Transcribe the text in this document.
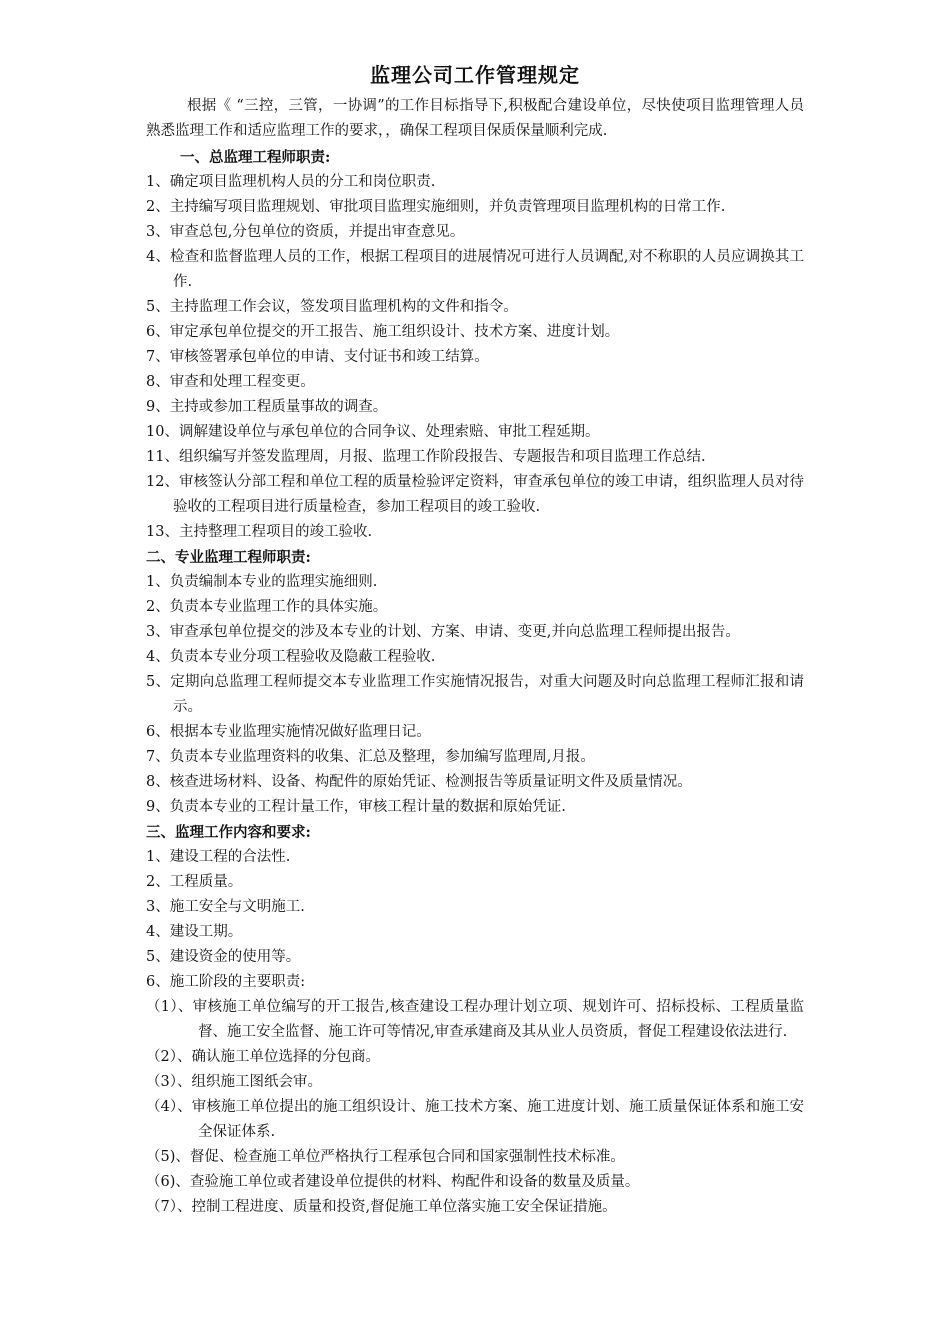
监理公司工作管理规定

根据《 “三控，三管，一协调”的工作目标指导下,积极配合建设单位，尽快使项目监理管理人员熟悉监理工作和适应监理工作的要求，，确保工程项目保质保量顺利完成.

一、总监理工程师职责:

1、确定项目监理机构人员的分工和岗位职责.

2、主持编写项目监理规划、审批项目监理实施细则，并负责管理项目监理机构的日常工作.

3、审查总包,分包单位的资质，并提出审查意见。

4、检查和监督监理人员的工作，根据工程项目的进展情况可进行人员调配,对不称职的人员应调换其工作.

5、主持监理工作会议，签发项目监理机构的文件和指令。

6、审定承包单位提交的开工报告、施工组织设计、技术方案、进度计划。

7、审核签署承包单位的申请、支付证书和竣工结算。

8、审查和处理工程变更。

9、主持或参加工程质量事故的调查。

10、调解建设单位与承包单位的合同争议、处理索赔、审批工程延期。

11、组织编写并签发监理周，月报、监理工作阶段报告、专题报告和项目监理工作总结.

12、审核签认分部工程和单位工程的质量检验评定资料，审查承包单位的竣工申请，组织监理人员对待验收的工程项目进行质量检查，参加工程项目的竣工验收.

13、主持整理工程项目的竣工验收.

二、专业监理工程师职责:

1、负责编制本专业的监理实施细则.

2、负责本专业监理工作的具体实施。

3、审查承包单位提交的涉及本专业的计划、方案、申请、变更,并向总监理工程师提出报告。

4、负责本专业分项工程验收及隐蔽工程验收.

5、定期向总监理工程师提交本专业监理工作实施情况报告，对重大问题及时向总监理工程师汇报和请示。

6、根据本专业监理实施情况做好监理日记。

7、负责本专业监理资料的收集、汇总及整理，参加编写监理周,月报。

8、核查进场材料、设备、构配件的原始凭证、检测报告等质量证明文件及质量情况。

9、负责本专业的工程计量工作，审核工程计量的数据和原始凭证.

三、监理工作内容和要求:

1、建设工程的合法性.

2、工程质量。

3、施工安全与文明施工.

4、建设工期。

5、建设资金的使用等。

6、施工阶段的主要职责:

（1）、审核施工单位编写的开工报告,核查建设工程办理计划立项、规划许可、招标投标、工程质量监督、施工安全监督、施工许可等情况,审查承建商及其从业人员资质，督促工程建设依法进行.

（2）、确认施工单位选择的分包商。

（3）、组织施工图纸会审。

（4）、审核施工单位提出的施工组织设计、施工技术方案、施工进度计划、施工质量保证体系和施工安全保证体系.

（5)、督促、检查施工单位严格执行工程承包合同和国家强制性技术标准。

（6)、查验施工单位或者建设单位提供的材料、构配件和设备的数量及质量。

（7）、控制工程进度、质量和投资,督促施工单位落实施工安全保证措施。
